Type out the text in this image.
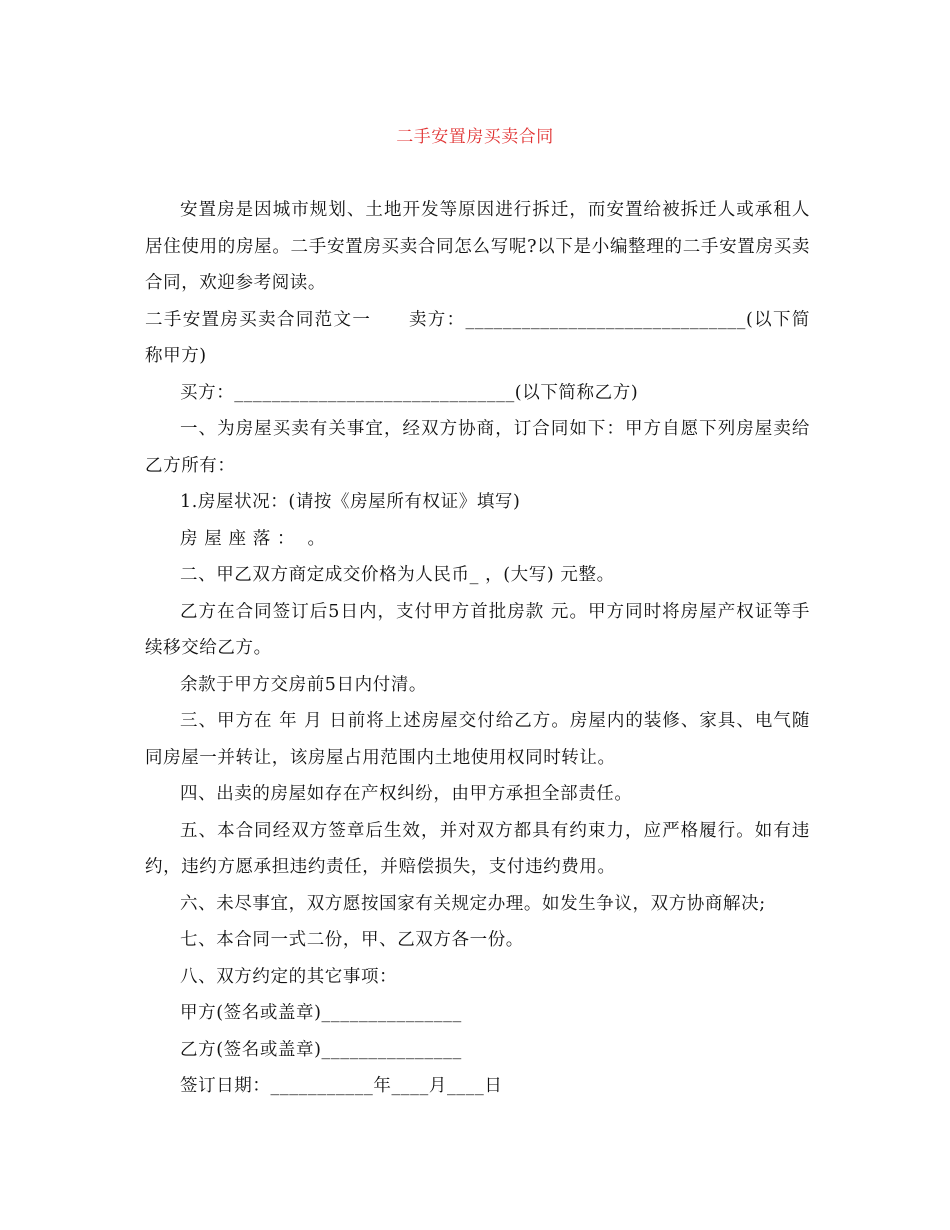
二手安置房买卖合同

安置房是因城市规划、土地开发等原因进行拆迁，而安置给被拆迁人或承租人居住使用的房屋。二手安置房买卖合同怎么写呢?以下是小编整理的二手安置房买卖合同，欢迎参考阅读。

二手安置房买卖合同范文一　　卖方：______________________________(以下简称甲方)

买方：______________________________(以下简称乙方)

一、为房屋买卖有关事宜，经双方协商，订合同如下：甲方自愿下列房屋卖给乙方所有：

1.房屋状况：(请按《房屋所有权证》填写)

房 屋 座 落 ：  。

二、甲乙双方商定成交价格为人民币_ ，(大写) 元整。

乙方在合同签订后5日内，支付甲方首批房款 元。甲方同时将房屋产权证等手续移交给乙方。

余款于甲方交房前5日内付清。

三、甲方在 年 月 日前将上述房屋交付给乙方。房屋内的装修、家具、电气随同房屋一并转让，该房屋占用范围内土地使用权同时转让。

四、出卖的房屋如存在产权纠纷，由甲方承担全部责任。

五、本合同经双方签章后生效，并对双方都具有约束力，应严格履行。如有违约，违约方愿承担违约责任，并赔偿损失，支付违约费用。

六、未尽事宜，双方愿按国家有关规定办理。如发生争议，双方协商解决;

七、本合同一式二份，甲、乙双方各一份。

八、双方约定的其它事项：

甲方(签名或盖章)_______________

乙方(签名或盖章)_______________

签订日期：___________年____月____日
